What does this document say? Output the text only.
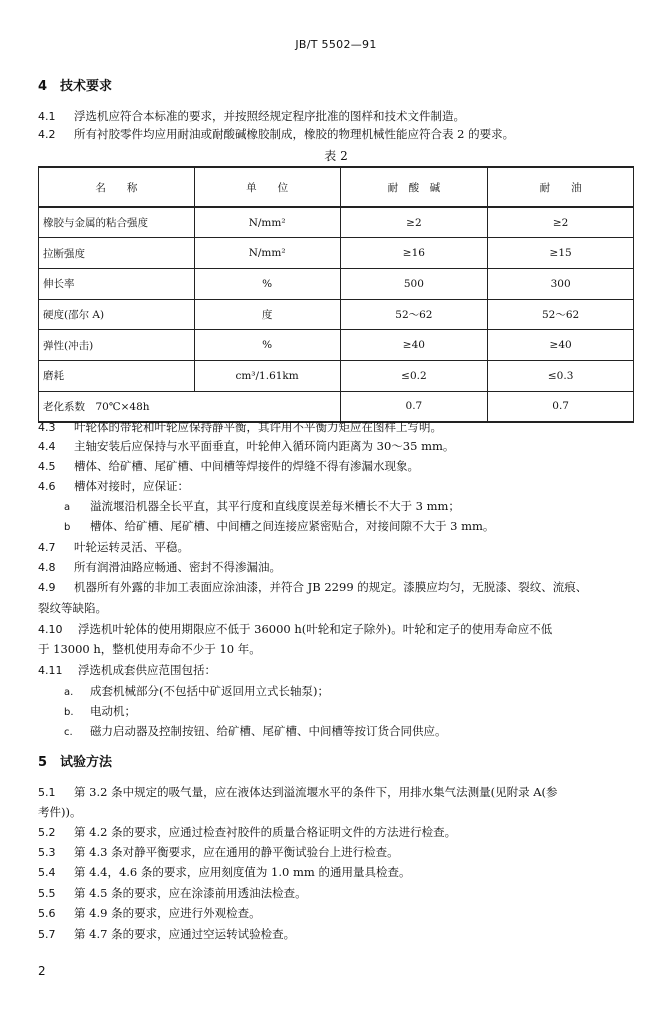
JB/T 5502—91
4 技术要求
4.1 浮选机应符合本标准的要求，并按照经规定程序批准的图样和技术文件制造。
4.2 所有衬胶零件均应用耐油或耐酸碱橡胶制成，橡胶的物理机械性能应符合表 2 的要求。
表 2
名　　称	单　　位	耐　酸　碱	耐　　油
橡胶与金属的粘合强度	N/mm²	≥2	≥2
拉断强度	N/mm²	≥16	≥15
伸长率	%	500	300
硬度(邵尔 A)	度	52～62	52～62
弹性(冲击)	%	≥40	≥40
磨耗	cm³/1.61km	≤0.2	≤0.3
老化系数　70℃×48h		0.7	0.7
4.3 叶轮体的带轮和叶轮应保持静平衡，其许用不平衡力矩应在图样上写明。
4.4 主轴安装后应保持与水平面垂直，叶轮伸入循环筒内距离为 30～35 mm。
4.5 槽体、给矿槽、尾矿槽、中间槽等焊接件的焊缝不得有渗漏水现象。
4.6 槽体对接时，应保证：
a 溢流堰沿机器全长平直，其平行度和直线度误差每米槽长不大于 3 mm；
b 槽体、给矿槽、尾矿槽、中间槽之间连接应紧密贴合，对接间隙不大于 3 mm。
4.7 叶轮运转灵活、平稳。
4.8 所有润滑油路应畅通、密封不得渗漏油。
4.9 机器所有外露的非加工表面应涂油漆，并符合 JB 2299 的规定。漆膜应均匀，无脱漆、裂纹、流痕、
裂纹等缺陷。
4.10 浮选机叶轮体的使用期限应不低于 36000 h(叶轮和定子除外)。叶轮和定子的使用寿命应不低
于 13000 h，整机使用寿命不少于 10 年。
4.11 浮选机成套供应范围包括：
a. 成套机械部分(不包括中矿返回用立式长轴泵)；
b. 电动机；
c. 磁力启动器及控制按钮、给矿槽、尾矿槽、中间槽等按订货合同供应。
5 试验方法
5.1 第 3.2 条中规定的吸气量，应在液体达到溢流堰水平的条件下，用排水集气法测量(见附录 A(参
考件))。
5.2 第 4.2 条的要求，应通过检查衬胶件的质量合格证明文件的方法进行检查。
5.3 第 4.3 条对静平衡要求，应在通用的静平衡试验台上进行检查。
5.4 第 4.4，4.6 条的要求，应用刻度值为 1.0 mm 的通用量具检查。
5.5 第 4.5 条的要求，应在涂漆前用透油法检查。
5.6 第 4.9 条的要求，应进行外观检查。
5.7 第 4.7 条的要求，应通过空运转试验检查。
2
